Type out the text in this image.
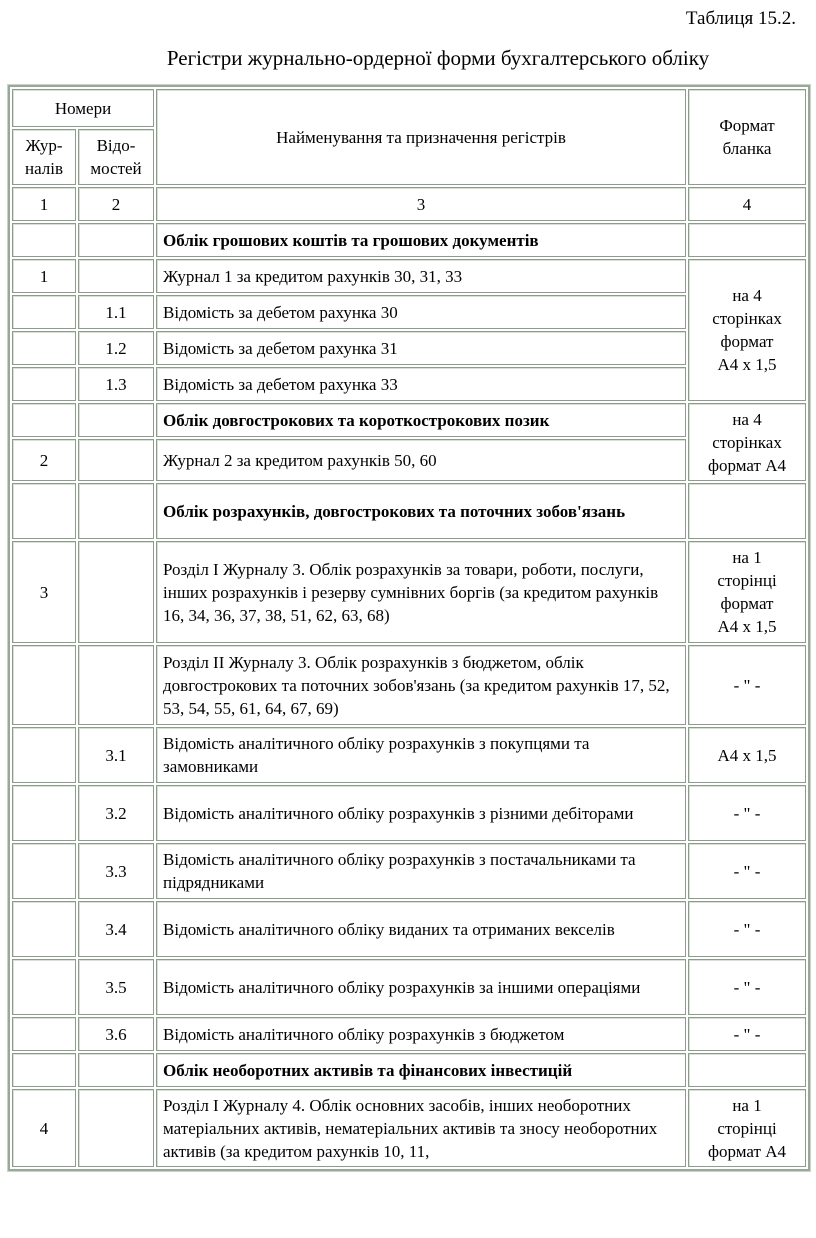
Таблиця 15.2.
Регістри журнально-ордерної форми бухгалтерського обліку
Номери		Найменування та призначення регістрів	Формат
бланка
Жур-
налів	Відо-
мостей		
1	2	3	4
		Облік грошових коштів та грошових документів	
1		Журнал 1 за кредитом рахунків 30, 31, 33	на 4
сторінках
формат
А4 х 1,5
	1.1	Відомість за дебетом рахунка 30	
	1.2	Відомість за дебетом рахунка 31	
	1.3	Відомість за дебетом рахунка 33	
		Облік довгострокових та короткострокових позик	на 4
сторінках
формат А4
2		Журнал 2 за кредитом рахунків 50, 60	
		Облік розрахунків, довгострокових та поточних зобов'язань	
3		Розділ І Журналу 3. Облік розрахунків за товари, роботи, послуги, інших розрахунків і резерву сумнівних боргів (за кредитом рахунків 16, 34, 36, 37, 38, 51, 62, 63, 68)	на 1
сторінці
формат
А4 х 1,5
		Розділ ІІ Журналу 3. Облік розрахунків з бюджетом, облік довгострокових та поточних зобов'язань (за кредитом рахунків 17, 52, 53, 54, 55, 61, 64, 67, 69)	- " -
	3.1	Відомість аналітичного обліку розрахунків з покупцями та замовниками	А4 х 1,5
	3.2	Відомість аналітичного обліку розрахунків з різними дебіторами	- " -
	3.3	Відомість аналітичного обліку розрахунків з постачальниками та підрядниками	- " -
	3.4	Відомість аналітичного обліку виданих та отриманих векселів	- " -
	3.5	Відомість аналітичного обліку розрахунків за іншими операціями	- " -
	3.6	Відомість аналітичного обліку розрахунків з бюджетом	- " -
		Облік необоротних активів та фінансових інвестицій	
4		Розділ І Журналу 4. Облік основних засобів, інших необоротних матеріальних активів, нематеріальних активів та зносу необоротних активів (за кредитом рахунків 10, 11,	на 1
сторінці
формат А4
